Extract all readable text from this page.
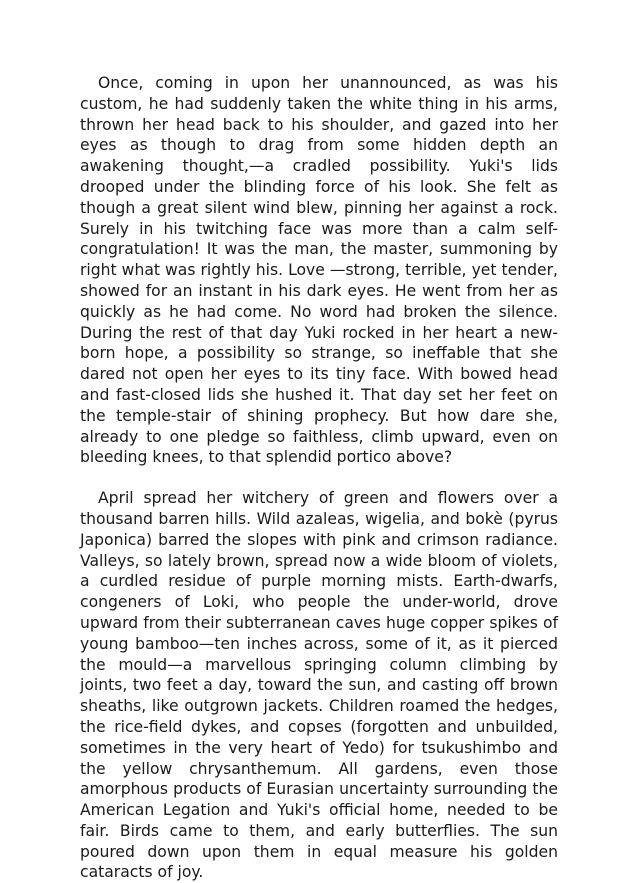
Once, coming in upon her unannounced, as was his custom, he had suddenly taken the white thing in his arms, thrown her head back to his shoulder, and gazed into her eyes as though to drag from some hidden depth an awakening thought,—a cradled possibility. Yuki's lids drooped under the blinding force of his look. She felt as though a great silent wind blew, pinning her against a rock. Surely in his twitching face was more than a calm self-congratulation! It was the man, the master, summoning by right what was rightly his. Love —strong, terrible, yet tender, showed for an instant in his dark eyes. He went from her as quickly as he had come. No word had broken the silence. During the rest of that day Yuki rocked in her heart a new-born hope, a possibility so strange, so ineffable that she dared not open her eyes to its tiny face. With bowed head and fast-closed lids she hushed it. That day set her feet on the temple-stair of shining prophecy. But how dare she, already to one pledge so faithless, climb upward, even on bleeding knees, to that splendid portico above?

April spread her witchery of green and flowers over a thousand barren hills. Wild azaleas, wigelia, and bokè (pyrus Japonica) barred the slopes with pink and crimson radiance. Valleys, so lately brown, spread now a wide bloom of violets, a curdled residue of purple morning mists. Earth-dwarfs, congeners of Loki, who people the under-world, drove upward from their subterranean caves huge copper spikes of young bamboo—ten inches across, some of it, as it pierced the mould—a marvellous springing column climbing by joints, two feet a day, toward the sun, and casting off brown sheaths, like outgrown jackets. Children roamed the hedges, the rice-field dykes, and copses (forgotten and unbuilded, sometimes in the very heart of Yedo) for tsukushimbo and the yellow chrysanthemum. All gardens, even those amorphous products of Eurasian uncertainty surrounding the American Legation and Yuki's official home, needed to be fair. Birds came to them, and early butterflies. The sun poured down upon them in equal measure his golden cataracts of joy.
